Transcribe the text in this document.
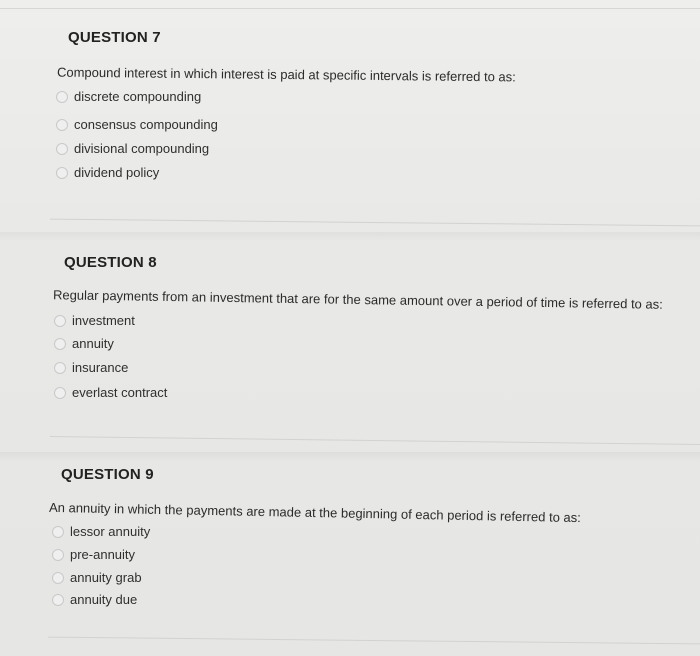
QUESTION 7
Compound interest in which interest is paid at specific intervals is referred to as:
discrete compounding
consensus compounding
divisional compounding
dividend policy
QUESTION 8
Regular payments from an investment that are for the same amount over a period of time is referred to as:
investment
annuity
insurance
everlast contract
QUESTION 9
An annuity in which the payments are made at the beginning of each period is referred to as:
lessor annuity
pre-annuity
annuity grab
annuity due
